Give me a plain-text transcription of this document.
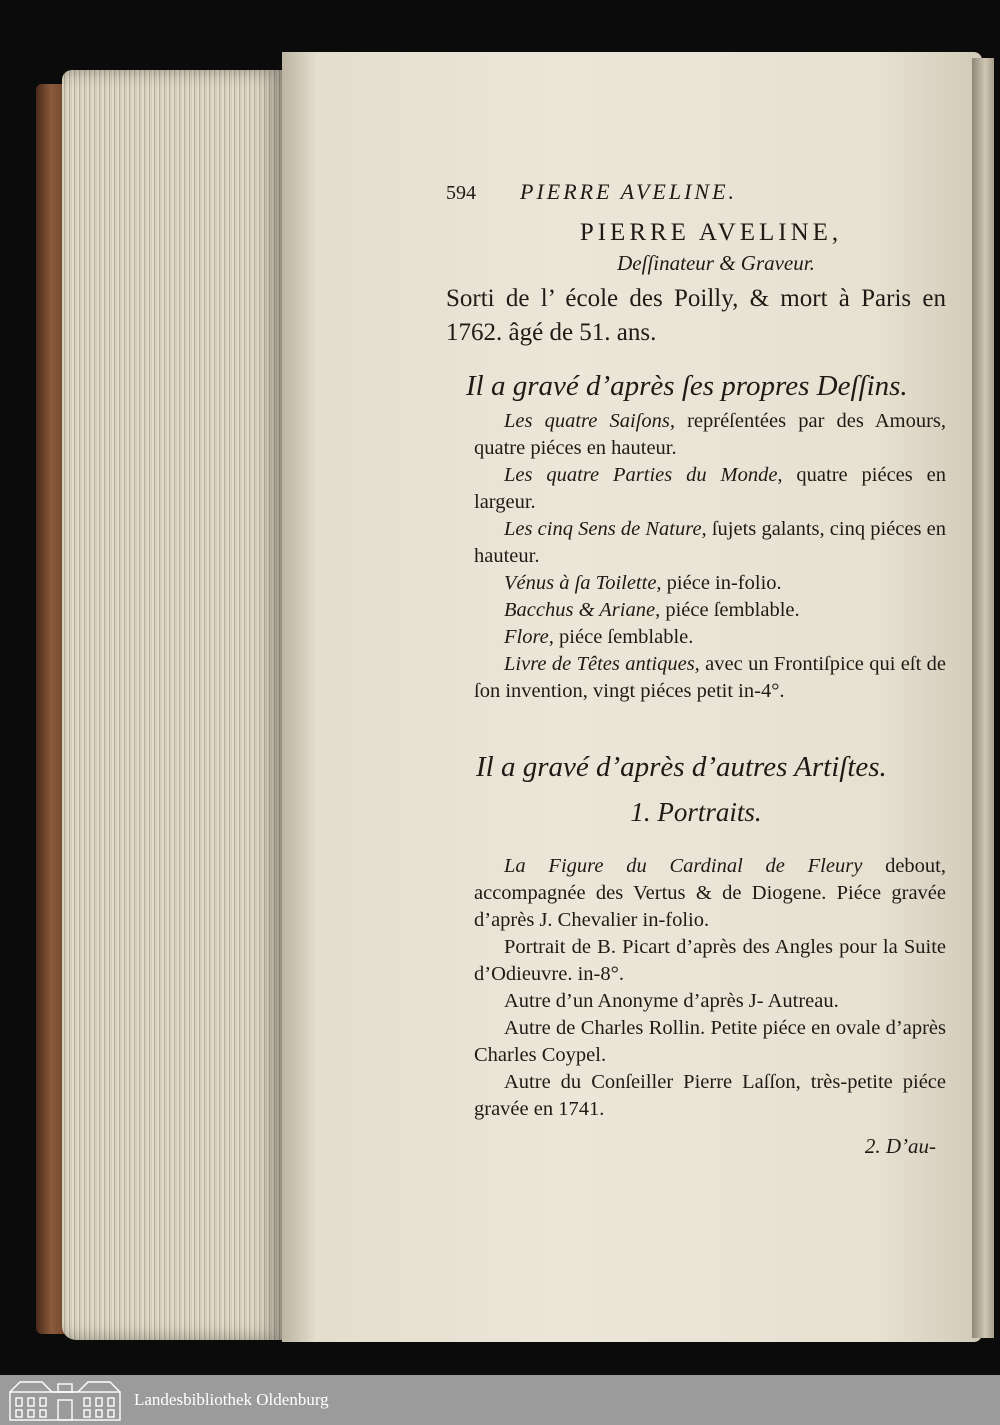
594 PIERRE AVELINE.
PIERRE AVELINE,
Deſſinateur & Graveur.
Sorti de l’ école des Poilly, & mort à Paris en 1762. âgé de 51. ans.
Il a gravé d’après ſes propres Deſſins.
Les quatre Saiſons, repréſentées par des Amours, quatre piéces en hauteur.
Les quatre Parties du Monde, quatre piéces en largeur.
Les cinq Sens de Nature, ſujets galants, cinq piéces en hauteur.
Vénus à ſa Toilette, piéce in-folio.
Bacchus & Ariane, piéce ſemblable.
Flore, piéce ſemblable.
Livre de Têtes antiques, avec un Frontiſpice qui eſt de ſon invention, vingt piéces petit in-4°.
Il a gravé d’après d’autres Artiſtes.
1. Portraits.
La Figure du Cardinal de Fleury debout, accompagnée des Vertus & de Diogene. Piéce gravée d’après J. Chevalier in-folio.
Portrait de B. Picart d’après des Angles pour la Suite d’Odieuvre. in-8°.
Autre d’un Anonyme d’après J- Autreau.
Autre de Charles Rollin. Petite piéce en ovale d’après Charles Coypel.
Autre du Conſeiller Pierre Laſſon, très-petite piéce gravée en 1741.
2. D’au-
Landesbibliothek Oldenburg
